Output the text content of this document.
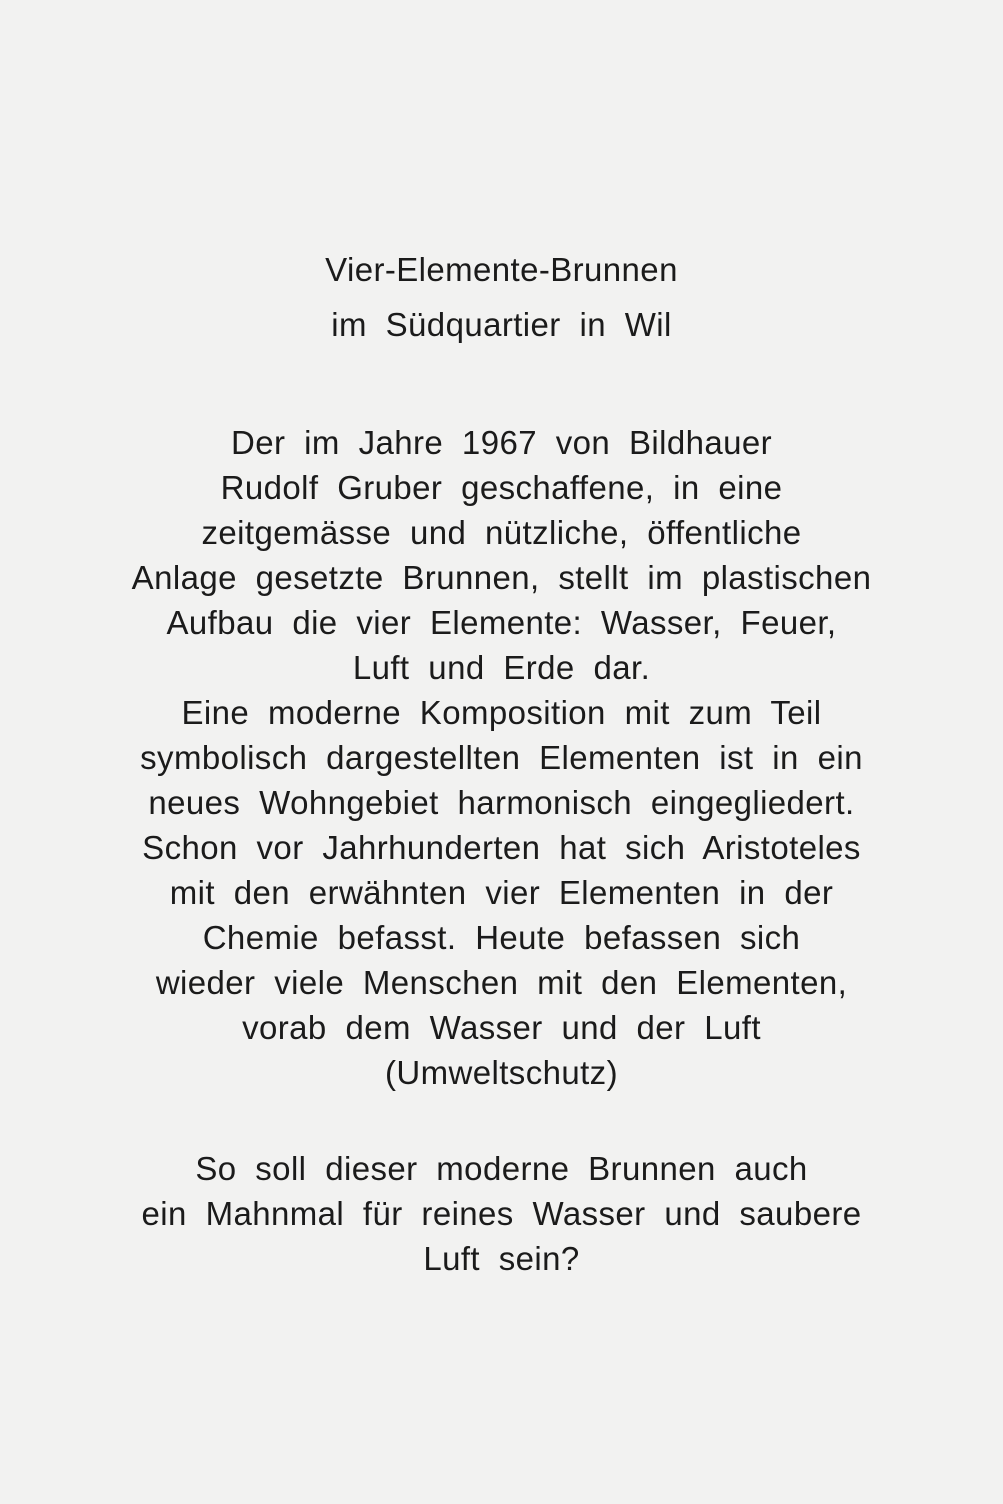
Vier-Elemente-Brunnen
im Südquartier in Wil
Der im Jahre 1967 von Bildhauer
Rudolf Gruber geschaffene, in eine
zeitgemässe und nützliche, öffentliche
Anlage gesetzte Brunnen, stellt im plastischen
Aufbau die vier Elemente: Wasser, Feuer,
Luft und Erde dar.
Eine moderne Komposition mit zum Teil
symbolisch dargestellten Elementen ist in ein
neues Wohngebiet harmonisch eingegliedert.
Schon vor Jahrhunderten hat sich Aristoteles
mit den erwähnten vier Elementen in der
Chemie befasst. Heute befassen sich
wieder viele Menschen mit den Elementen,
vorab dem Wasser und der Luft
(Umweltschutz)
So soll dieser moderne Brunnen auch
ein Mahnmal für reines Wasser und saubere
Luft sein?
